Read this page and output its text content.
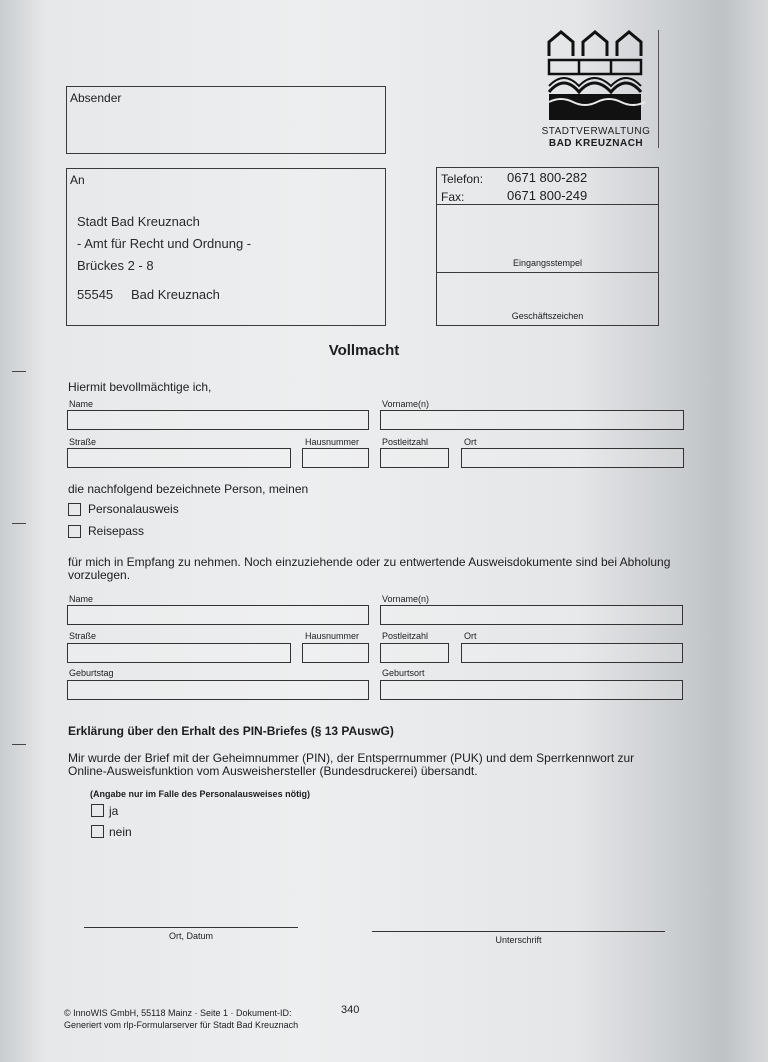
STADTVERWALTUNG
BAD KREUZNACH
Absender
An
Stadt Bad Kreuznach
- Amt für Recht und Ordnung -
Brückes 2 - 8
55545 Bad Kreuznach
Telefon: 0671 800-282
Fax:	0671 800-249
Eingangsstempel
Geschäftszeichen
Vollmacht
Hiermit bevollmächtige ich,
Name	Vorname(n)
Straße	Hausnummer	Postleitzahl	Ort
die nachfolgend bezeichnete Person, meinen
Personalausweis
Reisepass
für mich in Empfang zu nehmen. Noch einzuziehende oder zu entwertende Ausweisdokumente sind bei Abholung vorzulegen.
Name	Vorname(n)
Straße	Hausnummer	Postleitzahl	Ort
Geburtstag	Geburtsort
Erklärung über den Erhalt des PIN-Briefes (§ 13 PAuswG)
Mir wurde der Brief mit der Geheimnummer (PIN), der Entsperrnummer (PUK) und dem Sperrkennwort zur Online-Ausweisfunktion vom Ausweishersteller (Bundesdruckerei) übersandt.
(Angabe nur im Falle des Personalausweises nötig)
ja
nein
Ort, Datum	Unterschrift
© InnoWIS GmbH, 55118 Mainz · Seite 1 · Dokument-ID:	340
Generiert vom rlp-Formularserver für Stadt Bad Kreuznach
